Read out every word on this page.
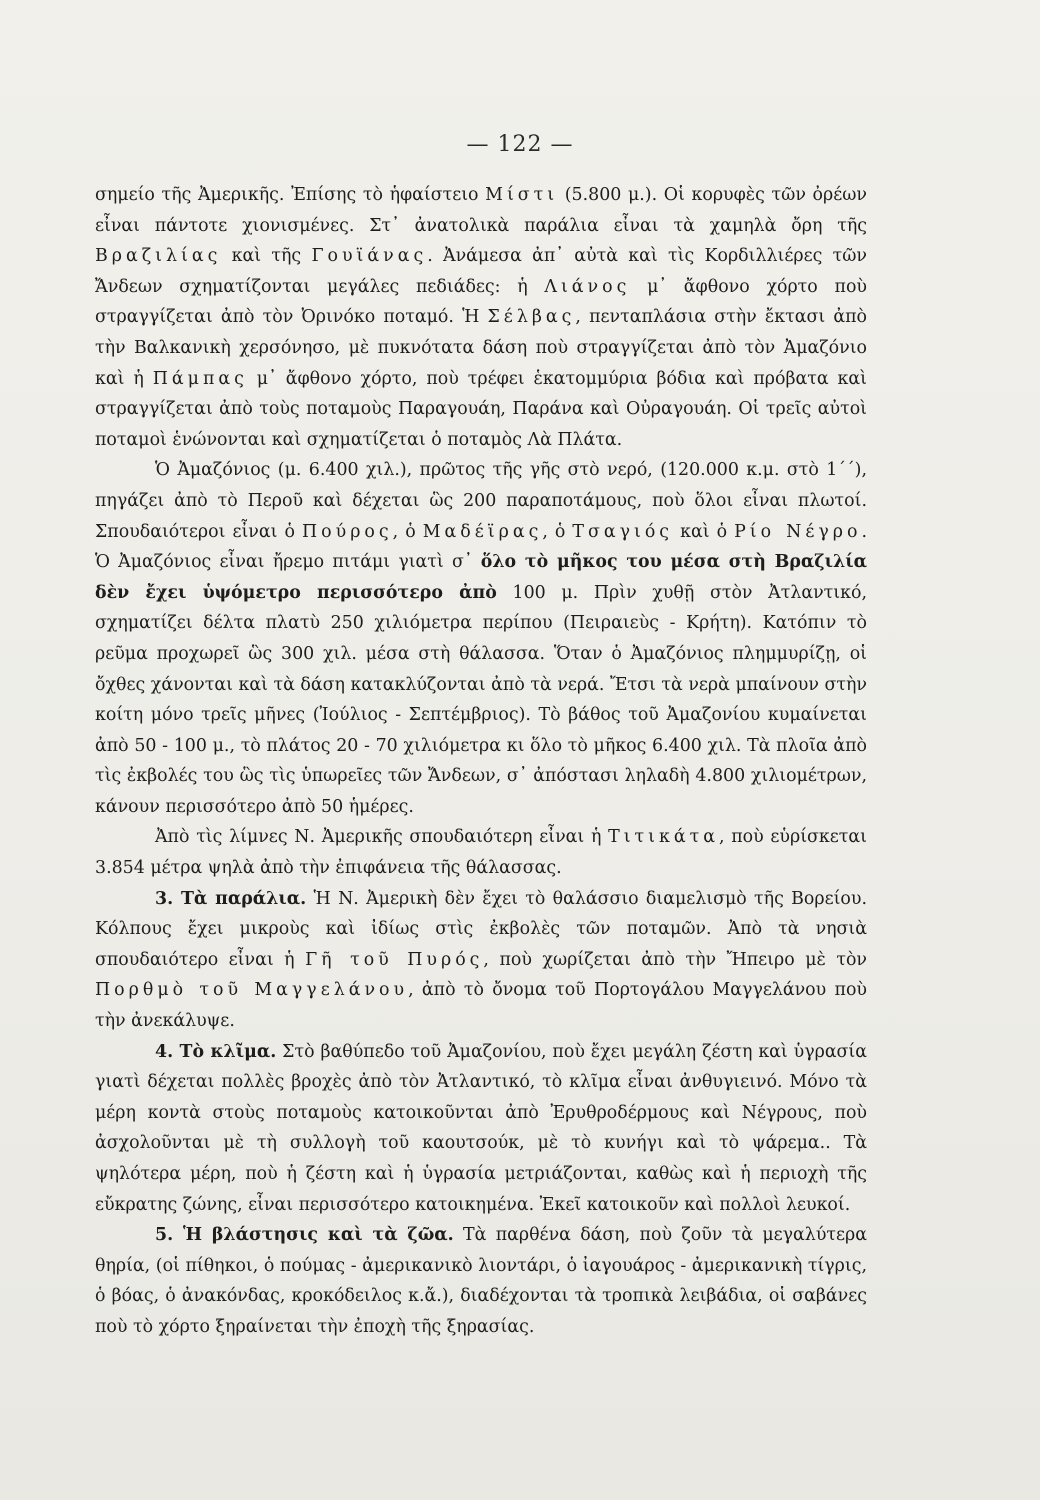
— 122 —

σημείο τῆς Ἀμερικῆς. Ἐπίσης τὸ ἡφαίστειο Μίστι (5.800 μ.). Οἱ κορυφὲς τῶν ὀρέων εἶναι πάντοτε χιονισμένες. Στ᾿ ἀνατολικὰ παράλια εἶναι τὰ χαμηλὰ ὄρη τῆς Βραζιλίας καὶ τῆς Γουϊάνας. Ἀνάμεσα ἀπ᾿ αὐτὰ καὶ τὶς Κορδιλλιέρες τῶν Ἄνδεων σχηματίζονται μεγάλες πεδιάδες: ἡ Λιάνος μ᾿ ἄφθονο χόρτο ποὺ στραγγίζεται ἀπὸ τὸν Ὀρινόκο ποταμό. Ἡ Σέλβας, πενταπλάσια στὴν ἔκτασι ἀπὸ τὴν Βαλκανικὴ χερσόνησο, μὲ πυκνότατα δάση ποὺ στραγγίζεται ἀπὸ τὸν Ἀμαζόνιο καὶ ἡ Πάμπας μ᾿ ἄφθονο χόρτο, ποὺ τρέφει ἑκατομμύρια βόδια καὶ πρόβατα καὶ στραγγίζεται ἀπὸ τοὺς ποταμοὺς Παραγουάη, Παράνα καὶ Οὐραγουάη. Οἱ τρεῖς αὐτοὶ ποταμοὶ ἑνώνονται καὶ σχηματίζεται ὁ ποταμὸς Λὰ Πλάτα.

Ὁ Ἀμαζόνιος (μ. 6.400 χιλ.), πρῶτος τῆς γῆς στὸ νερό, (120.000 κ.μ. στὸ 1΄΄), πηγάζει ἀπὸ τὸ Περοῦ καὶ δέχεται ὣς 200 παραποτάμους, ποὺ ὅλοι εἶναι πλωτοί. Σπουδαιότεροι εἶναι ὁ Πούρος, ὁ Μαδέϊρας, ὁ Τσαγιός καὶ ὁ Ρίο Νέγρο. Ὁ Ἀμαζόνιος εἶναι ἤρεμο πιτάμι γιατὶ σ᾿ ὅλο τὸ μῆκος του μέσα στὴ Βραζιλία δὲν ἔχει ὑψόμετρο περισσότερο ἀπὸ 100 μ. Πρὶν χυθῇ στὸν Ἀτλαντικό, σχηματίζει δέλτα πλατὺ 250 χιλιόμετρα περίπου (Πειραιεὺς - Κρήτη). Κατόπιν τὸ ρεῦμα προχωρεῖ ὣς 300 χιλ. μέσα στὴ θάλασσα. Ὅταν ὁ Ἀμαζόνιος πλημμυρίζῃ, οἱ ὄχθες χάνονται καὶ τὰ δάση κατακλύζονται ἀπὸ τὰ νερά. Ἔτσι τὰ νερὰ μπαίνουν στὴν κοίτη μόνο τρεῖς μῆνες (Ἰούλιος - Σεπτέμβριος). Τὸ βάθος τοῦ Ἀμαζονίου κυμαίνεται ἀπὸ 50 - 100 μ., τὸ πλάτος 20 - 70 χιλιόμετρα κι ὅλο τὸ μῆκος 6.400 χιλ. Τὰ πλοῖα ἀπὸ τὶς ἐκβολές του ὣς τὶς ὑπωρεῖες τῶν Ἄνδεων, σ᾿ ἀπόστασι ληλαδὴ 4.800 χιλιομέτρων, κάνουν περισσότερο ἀπὸ 50 ἡμέρες.

Ἀπὸ τὶς λίμνες Ν. Ἀμερικῆς σπουδαιότερη εἶναι ἡ Τιτικάτα, ποὺ εὑρίσκεται 3.854 μέτρα ψηλὰ ἀπὸ τὴν ἐπιφάνεια τῆς θάλασσας.

3. Τὰ παράλια. Ἡ Ν. Ἀμερικὴ δὲν ἔχει τὸ θαλάσσιο διαμελισμὸ τῆς Βορείου. Κόλπους ἔχει μικροὺς καὶ ἰδίως στὶς ἐκβολὲς τῶν ποταμῶν. Ἀπὸ τὰ νησιὰ σπουδαιότερο εἶναι ἡ Γῆ τοῦ Πυρός, ποὺ χωρίζεται ἀπὸ τὴν Ἤπειρο μὲ τὸν Πορθμὸ τοῦ Μαγγελάνου, ἀπὸ τὸ ὄνομα τοῦ Πορτογάλου Μαγγελάνου ποὺ τὴν ἀνεκάλυψε.

4. Τὸ κλῖμα. Στὸ βαθύπεδο τοῦ Ἀμαζονίου, ποὺ ἔχει μεγάλη ζέστη καὶ ὑγρασία γιατὶ δέχεται πολλὲς βροχὲς ἀπὸ τὸν Ἀτλαντικό, τὸ κλῖμα εἶναι ἀνθυγιεινό. Μόνο τὰ μέρη κοντὰ στοὺς ποταμοὺς κατοικοῦνται ἀπὸ Ἐρυθροδέρμους καὶ Νέγρους, ποὺ ἀσχολοῦνται μὲ τὴ συλλογὴ τοῦ καουτσούκ, μὲ τὸ κυνήγι καὶ τὸ ψάρεμα.. Τὰ ψηλότερα μέρη, ποὺ ἡ ζέστη καὶ ἡ ὑγρασία μετριάζονται, καθὼς καὶ ἡ περιοχὴ τῆς εὔκρατης ζώνης, εἶναι περισσότερο κατοικημένα. Ἐκεῖ κατοικοῦν καὶ πολλοὶ λευκοί.

5. Ἡ βλάστησις καὶ τὰ ζῶα. Τὰ παρθένα δάση, ποὺ ζοῦν τὰ μεγαλύτερα θηρία, (οἱ πίθηκοι, ὁ πούμας - ἀμερικανικὸ λιοντάρι, ὁ ἰαγουάρος - ἀμερικανικὴ τίγρις, ὁ βόας, ὁ ἀνακόνδας, κροκόδειλος κ.ἄ.), διαδέχονται τὰ τροπικὰ λειβάδια, οἱ σαβάνες ποὺ τὸ χόρτο ξηραίνεται τὴν ἐποχὴ τῆς ξηρασίας.
